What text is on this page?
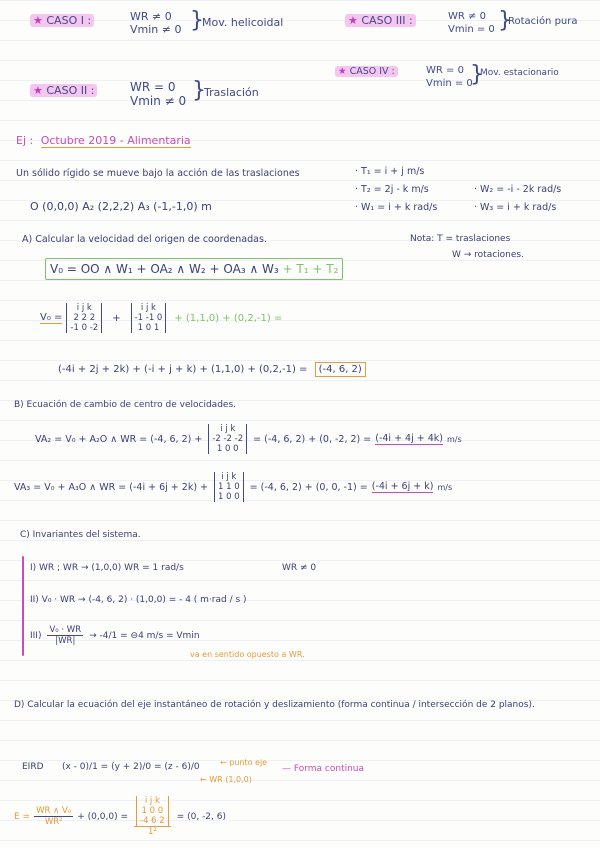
★ CASO I :	WR ≠ 0
Vmin ≠ 0 }
Mov. helicoidal	★ CASO III :	WR ≠ 0
Vmin = 0 }
Rotación pura
★ CASO IV :	WR = 0
Vmin = 0
}
Mov. estacionario
★ CASO II :	WR = 0
Vmin ≠ 0 }
Traslación
Ej : Octubre 2019 - Alimentaria
Un sólido rígido se mueve bajo la acción de las traslaciones	· T₁ = i + j m/s
· T₂ = 2j - k m/s	· W₂ = -i - 2k rad/s
· W₁ = i + k rad/s	· W₃ = i + k rad/s
O (0,0,0) A₂ (2,2,2) A₃ (-1,-1,0) m
A) Calcular la velocidad del origen de coordenadas.	Nota: T = traslaciones
W → rotaciones.
V₀ = OO ∧ W₁ + OA₂ ∧ W₂ + OA₃ ∧ W₃ + T₁ + T₂
V₀ =
i j k
2 2 2
-1 0 -2
+
i j k
-1 -1 0
1 0 1
+ (1,1,0) + (0,2,-1) =
(-4i + 2j + 2k) + (-i + j + k) + (1,1,0) + (0,2,-1) = (-4, 6, 2)
B) Ecuación de cambio de centro de velocidades.
VA₂ = V₀ + A₂O ∧ WR = (-4, 6, 2) +
i j k
-2 -2 -2
1 0 0
= (-4, 6, 2) + (0, -2, 2) = (-4i + 4j + 4k) m/s
VA₃ = V₀ + A₃O ∧ WR = (-4i + 6j + 2k) +
i j k
1 1 0
1 0 0
= (-4, 6, 2) + (0, 0, -1) = (-4i + 6j + k) m/s
C) Invariantes del sistema.
I) WR ; WR → (1,0,0) WR = 1 rad/s	WR ≠ 0
II) V₀ · WR → (-4, 6, 2) · (1,0,0) = - 4 ( m·rad / s )
$III) \frac{\text{V₀ · WR}}{|WR|} \to -4/1$ = ⊖4 m/s = Vmin
va en sentido opuesto a WR.
D) Calcular la ecuación del eje instantáneo de rotación y deslizamiento (forma continua / intersección de 2 planos).
EIRD (x - 0)/1 = (y + 2)/0 = (z - 6)/0	← punto eje
← WR (1,0,0)
— Forma continua
$E = \frac{\text{WR ∧ V₀}}{\text{WR²}} + (0,0,0) = i$ j k
1 0 0
-4 6 2
1² = (0, -2, 6)
